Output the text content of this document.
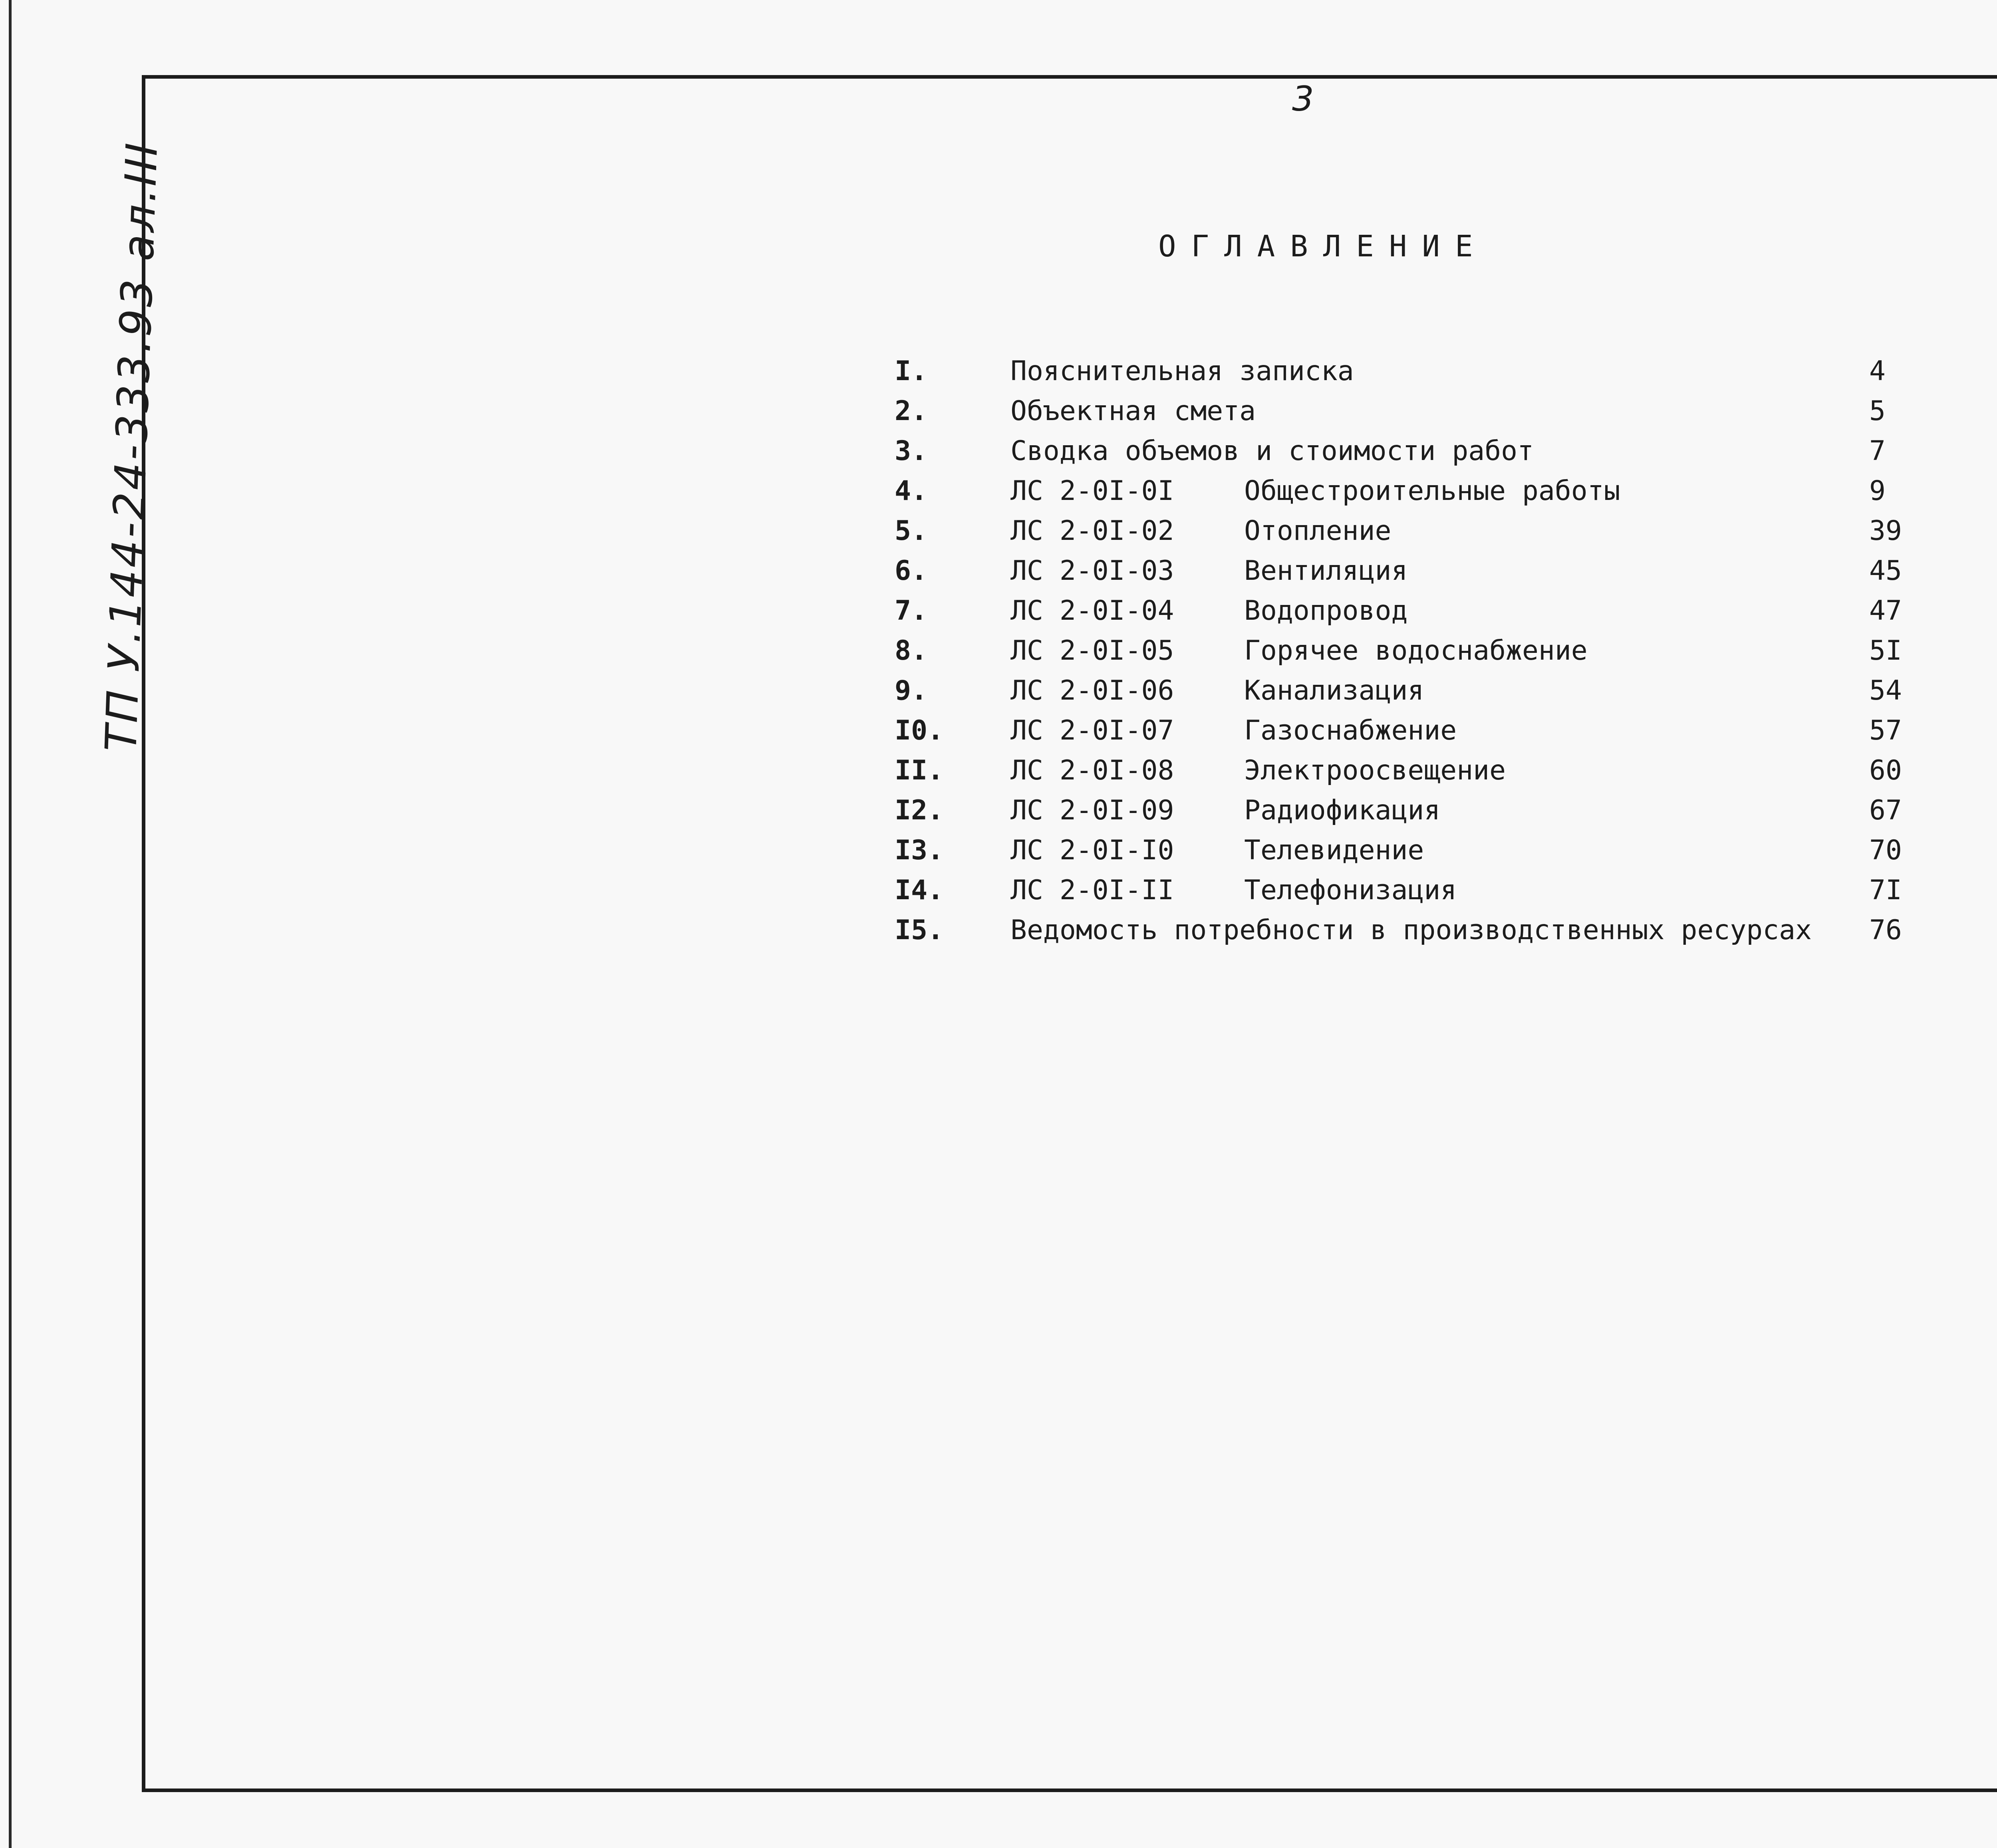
3
ТП У.144-24-333.93 ал.III	ОГЛАВЛЕНИЕ
I.	Пояснительная записка	4
2.	Объектная смета	5
3.	Сводка объемов и стоимости работ	7
4.	ЛС 2-0I-0I	Общестроительные работы	9
5.	ЛС 2-0I-02	Отопление	39
6.	ЛС 2-0I-03	Вентиляция	45
7.	ЛС 2-0I-04	Водопровод	47
8.	ЛС 2-0I-05	Горячее водоснабжение	5I
9.	ЛС 2-0I-06	Канализация	54
I0. ЛС 2-0I-07	Газоснабжение	57
II. ЛС 2-0I-08	Электроосвещение	60
I2. ЛС 2-0I-09	Радиофикация	67
I3. ЛС 2-0I-I0	Телевидение	70
I4. ЛС 2-0I-II	Телефонизация	7I
I5. Ведомость потребности в производственных ресурсах 76
